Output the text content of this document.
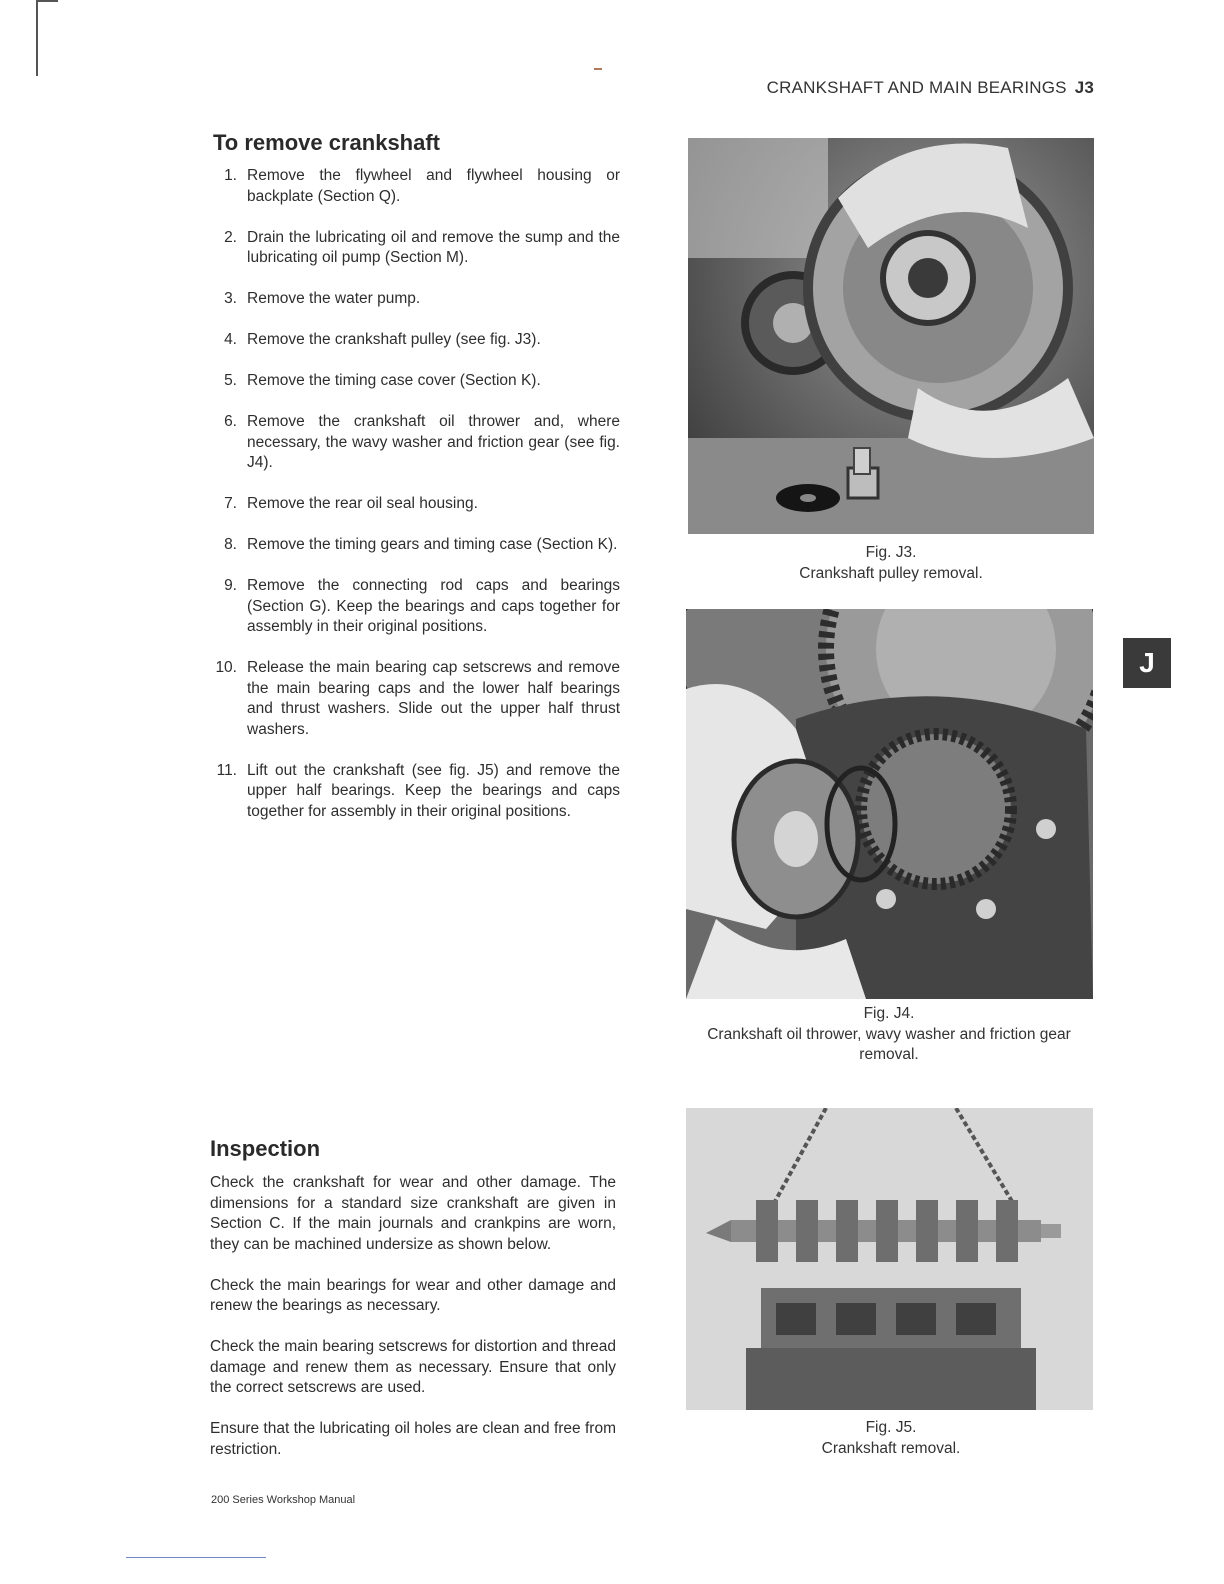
CRANKSHAFT AND MAIN BEARINGS J3
J
To remove crankshaft
1. Remove the flywheel and flywheel housing or backplate (Section Q).
2. Drain the lubricating oil and remove the sump and the lubricating oil pump (Section M).
3. Remove the water pump.
4. Remove the crankshaft pulley (see fig. J3).
5. Remove the timing case cover (Section K).
6. Remove the crankshaft oil thrower and, where necessary, the wavy washer and friction gear (see fig. J4).
7. Remove the rear oil seal housing.
8. Remove the timing gears and timing case (Section K).
9. Remove the connecting rod caps and bearings (Section G). Keep the bearings and caps together for assembly in their original positions.
10. Release the main bearing cap setscrews and remove the main bearing caps and the lower half bearings and thrust washers. Slide out the upper half thrust washers.
11. Lift out the crankshaft (see fig. J5) and remove the upper half bearings. Keep the bearings and caps together for assembly in their original positions.
Inspection

Check the crankshaft for wear and other damage. The dimensions for a standard size crankshaft are given in Section C. If the main journals and crankpins are worn, they can be machined undersize as shown below.

Check the main bearings for wear and other damage and renew the bearings as necessary.

Check the main bearing setscrews for distortion and thread damage and renew them as necessary. Ensure that only the correct setscrews are used.

Ensure that the lubricating oil holes are clean and free from restriction.

Fig. J3.
Crankshaft pulley removal.
Fig. J4.
Crankshaft oil thrower, wavy washer and friction gear removal.
Fig. J5.
Crankshaft removal.
200 Series Workshop Manual
